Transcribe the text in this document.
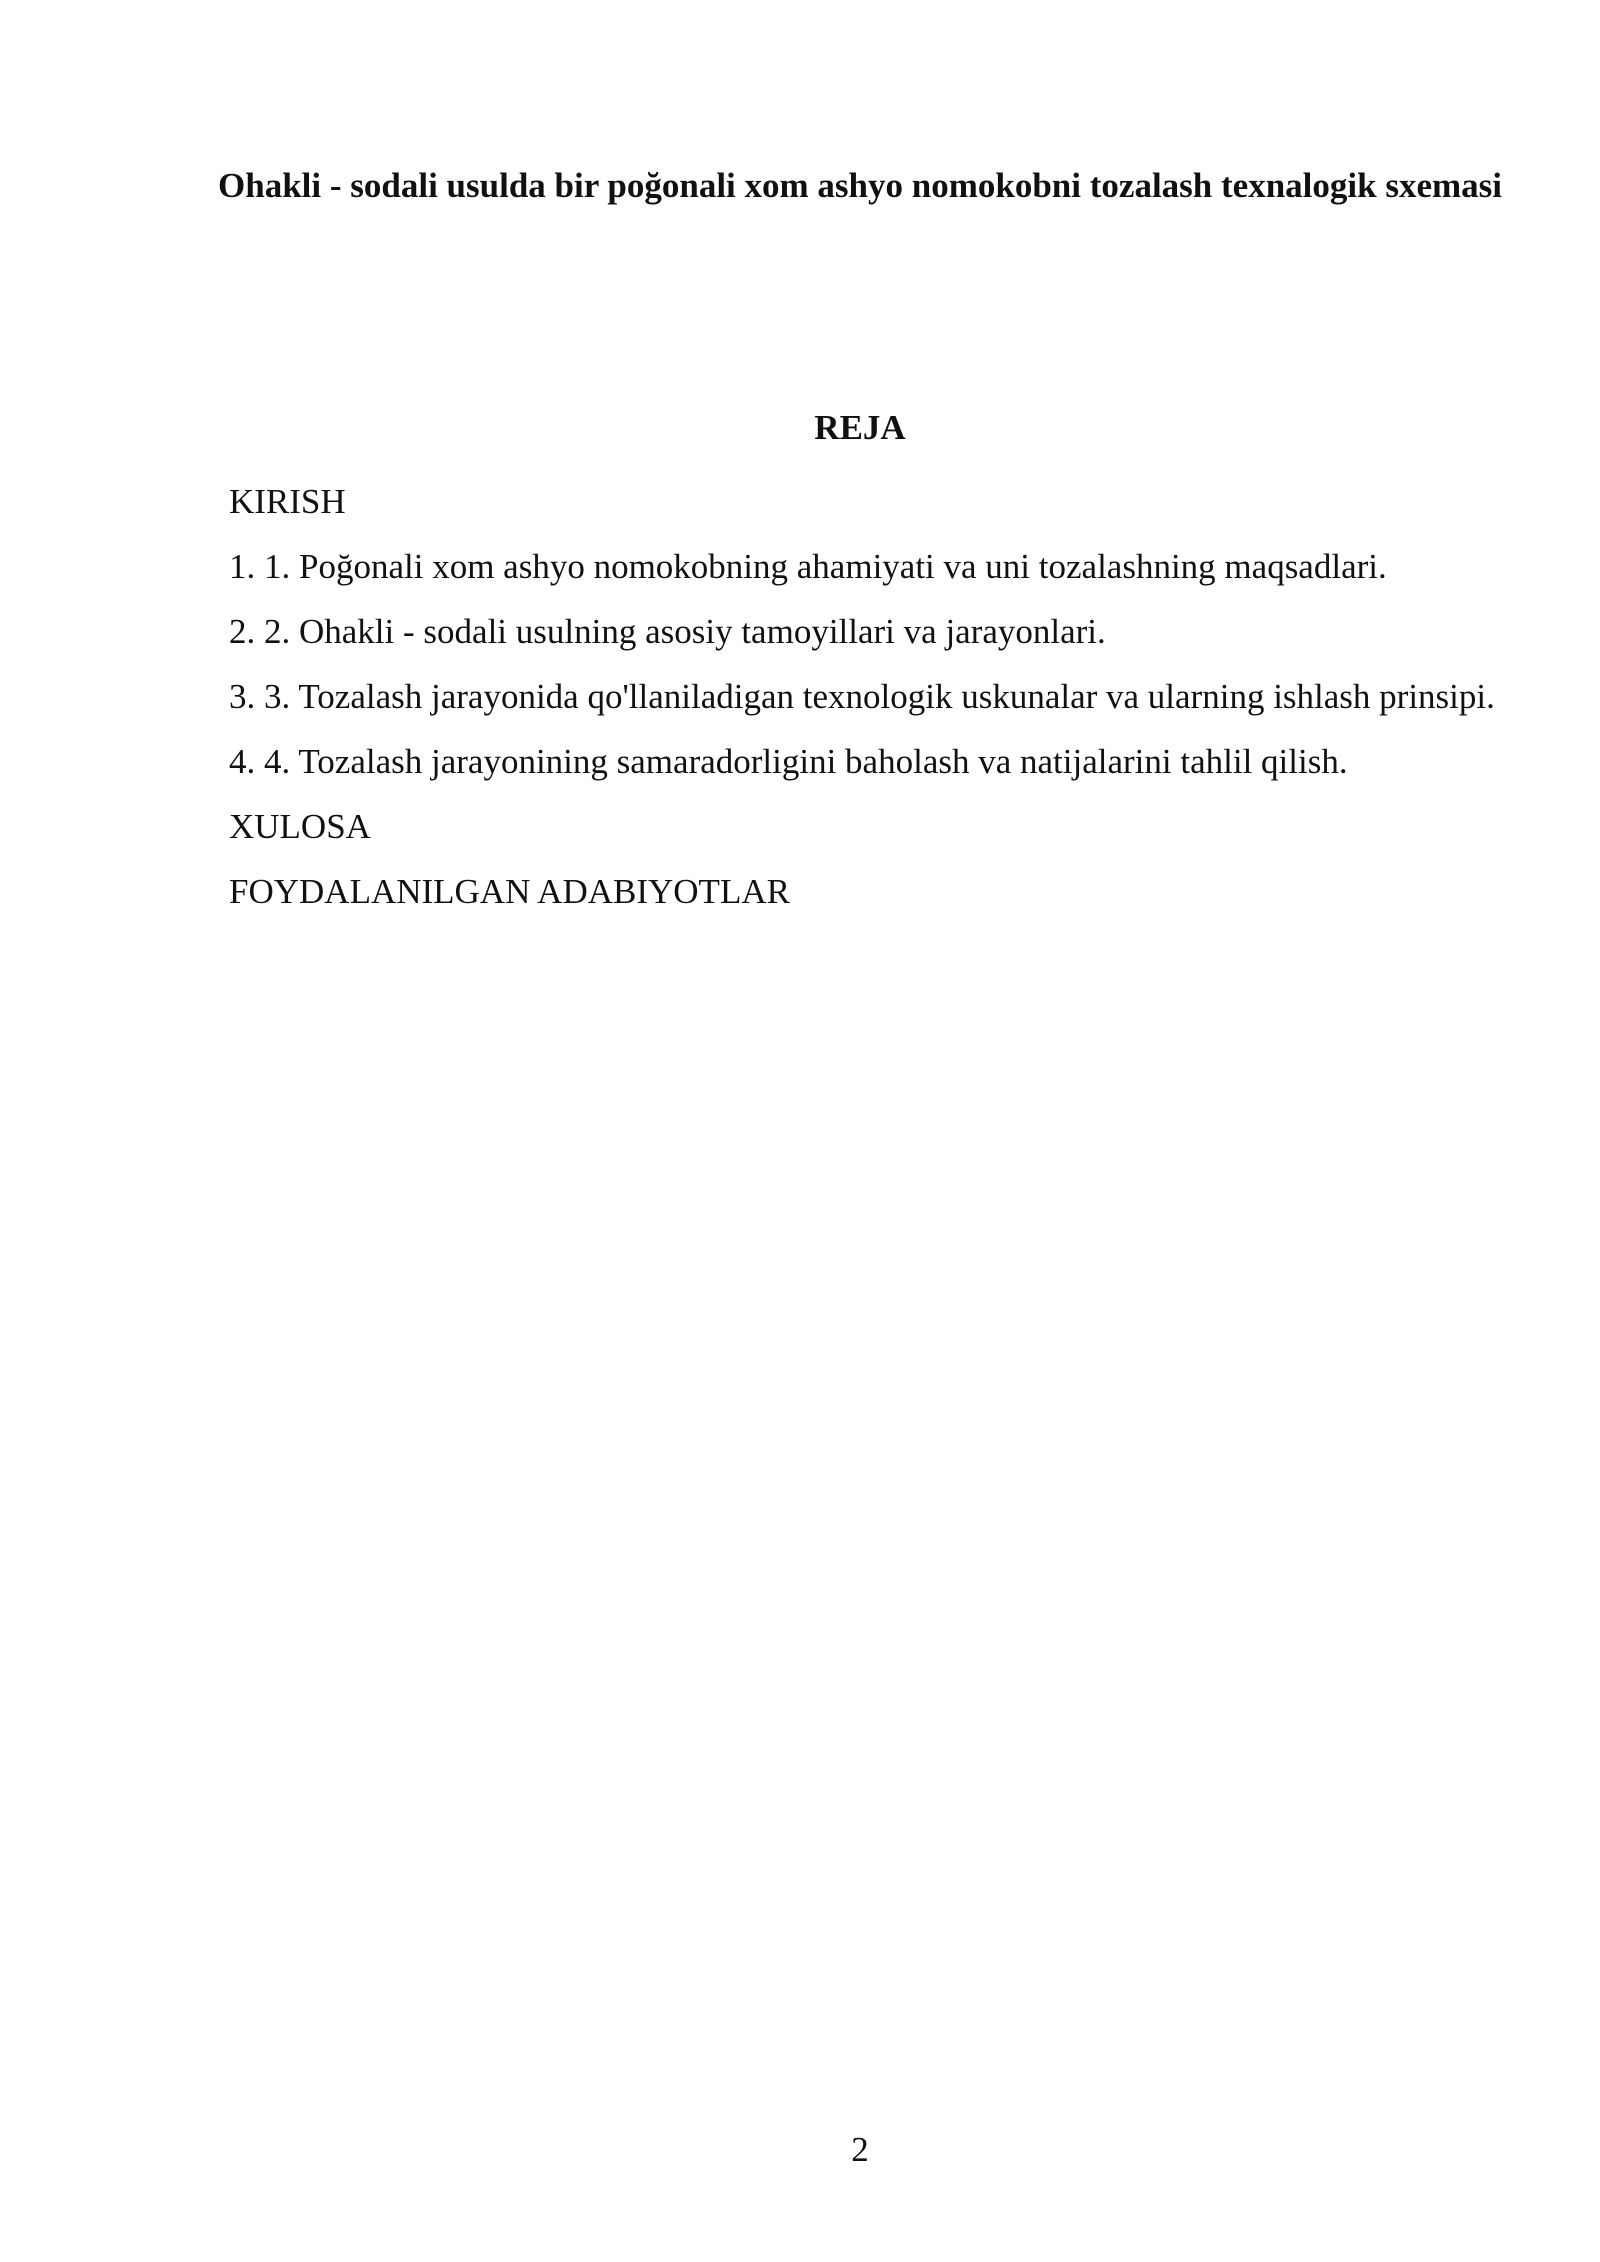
Ohakli - sodali usulda bir poğonali xom ashyo nomokobni tozalash texnalogik sxemasi
REJA
KIRISH
1. 1. Poğonali xom ashyo nomokobning ahamiyati va uni tozalashning maqsadlari.
2. 2. Ohakli - sodali usulning asosiy tamoyillari va jarayonlari.
3. 3. Tozalash jarayonida qo'llaniladigan texnologik uskunalar va ularning ishlash prinsipi.
4. 4. Tozalash jarayonining samaradorligini baholash va natijalarini tahlil qilish.
XULOSA
FOYDALANILGAN ADABIYOTLAR
2
